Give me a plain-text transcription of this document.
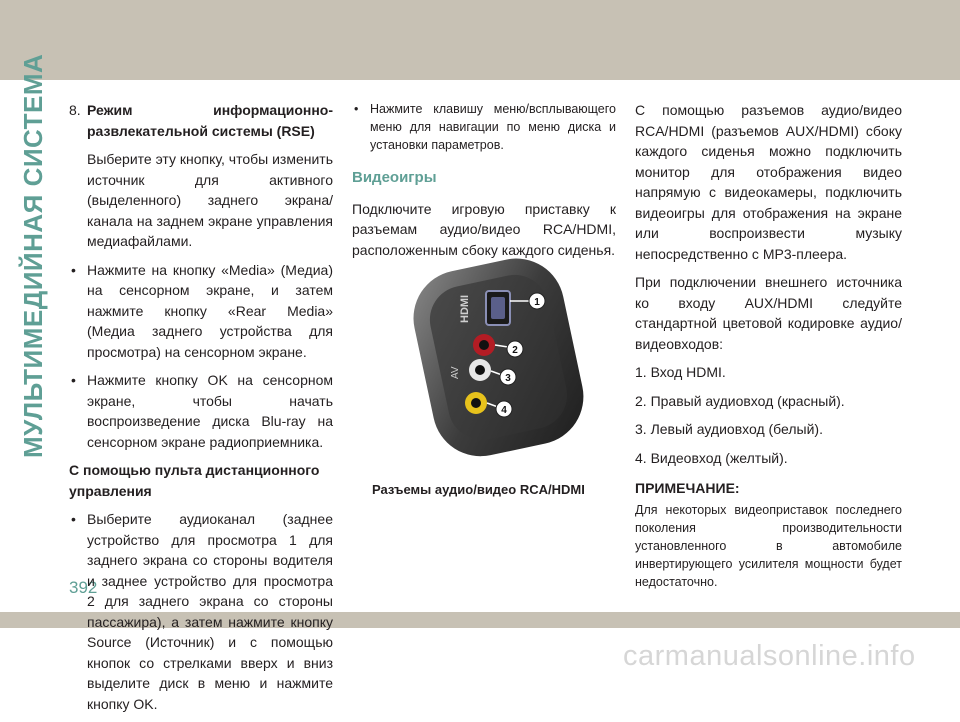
МУЛЬТИМЕДИЙНАЯ СИСТЕМА
392
8. Режим информационно-
развлекательной системы (RSE)

Выберите эту кнопку, чтобы изменить источник для активного (выделенного) заднего экрана/канала на заднем экране управления медиафайлами.

• Нажмите на кнопку «Media» (Медиа) на сенсорном экране, и затем нажмите кнопку «Rear Media» (Медиа заднего устройства для просмотра) на сенсорном экране.
• Нажмите кнопку OK на сенсорном экране, чтобы начать воспроизведение диска Blu-ray на сенсорном экране радиоприемника.

С помощью пульта дистанционного управления

• Выберите аудиоканал (заднее устройство для просмотра 1 для заднего экрана со стороны водителя и заднее устройство для просмотра 2 для заднего экрана со стороны пассажира), а затем нажмите кнопку Source (Источник) и с помощью кнопок со стрелками вверх и вниз выделите диск в меню и нажмите кнопку OK.
• Нажмите клавишу меню/всплывающего меню для навигации по меню диска и установки параметров.
Видеоигры

Подключите игровую приставку к разъемам аудио/видео RCA/HDMI, расположенным сбоку каждого сиденья.

HDMI
AV
1
2
3
4
Разъемы аудио/видео RCA/HDMI

С помощью разъемов аудио/видео RCA/HDMI (разъемов AUX/HDMI) сбоку каждого сиденья можно подключить монитор для отображения видео напрямую с видеокамеры, подключить видеоигры для отображения на экране или воспроизвести музыку непосредственно с MP3-плеера.

При подключении внешнего источника ко входу AUX/HDMI следуйте стандартной цветовой кодировке аудио/видеовходов:

1. Вход HDMI.

2. Правый аудиовход (красный).

3. Левый аудиовход (белый).

4. Видеовход (желтый).

ПРИМЕЧАНИЕ:

Для некоторых видеоприставок последнего поколения производительности установленного в автомобиле инвертирующего усилителя мощности будет недостаточно.

carmanualsonline.info
